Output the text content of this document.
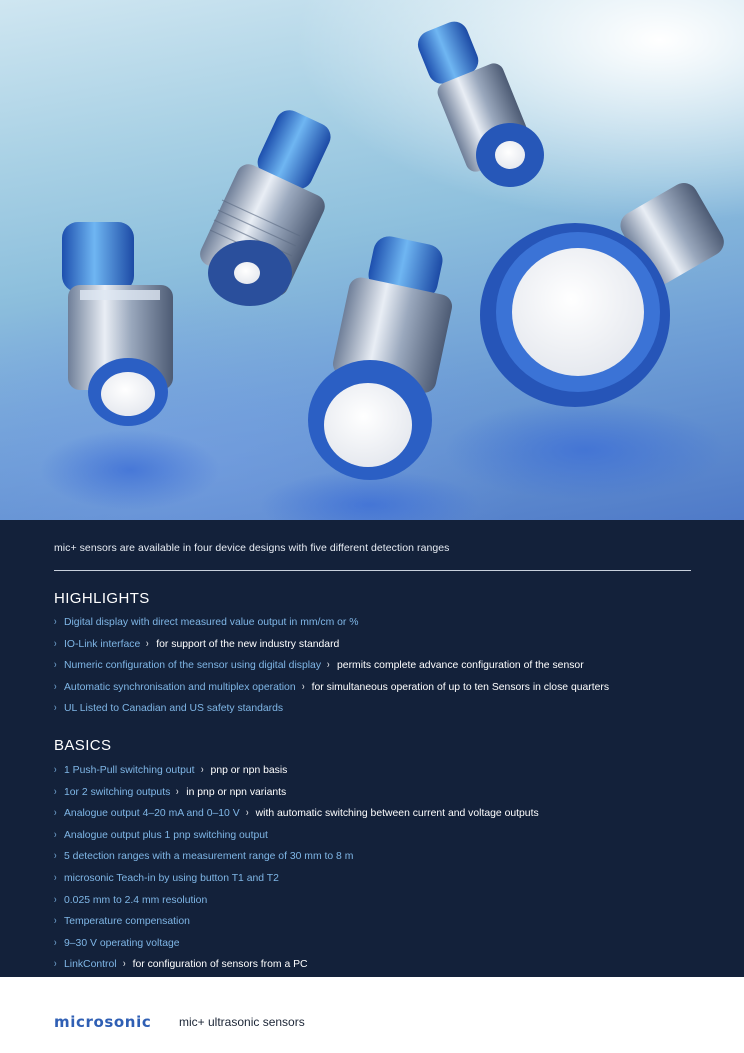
mic+ sensors are available in four device designs with five different detection ranges

HIGHLIGHTS
› Digital display with direct measured value output in mm/cm or %
› IO-Link interface › for support of the new industry standard
› Numeric configuration of the sensor using digital display › permits complete advance configuration of the sensor
› Automatic synchronisation and multiplex operation › for simultaneous operation of up to ten Sensors in close quarters
› UL Listed to Canadian and US safety standards
BASICS
› 1 Push-Pull switching output › pnp or npn basis
› 1or 2 switching outputs › in pnp or npn variants
› Analogue output 4–20 mA and 0–10 V › with automatic switching between current and voltage outputs
› Analogue output plus 1 pnp switching output
› 5 detection ranges with a measurement range of 30 mm to 8 m
› microsonic Teach-in by using button T1 and T2
› 0.025 mm to 2.4 mm resolution
› Temperature compensation
› 9–30 V operating voltage
› LinkControl › for configuration of sensors from a PC
microsonic mic+ ultrasonic sensors
